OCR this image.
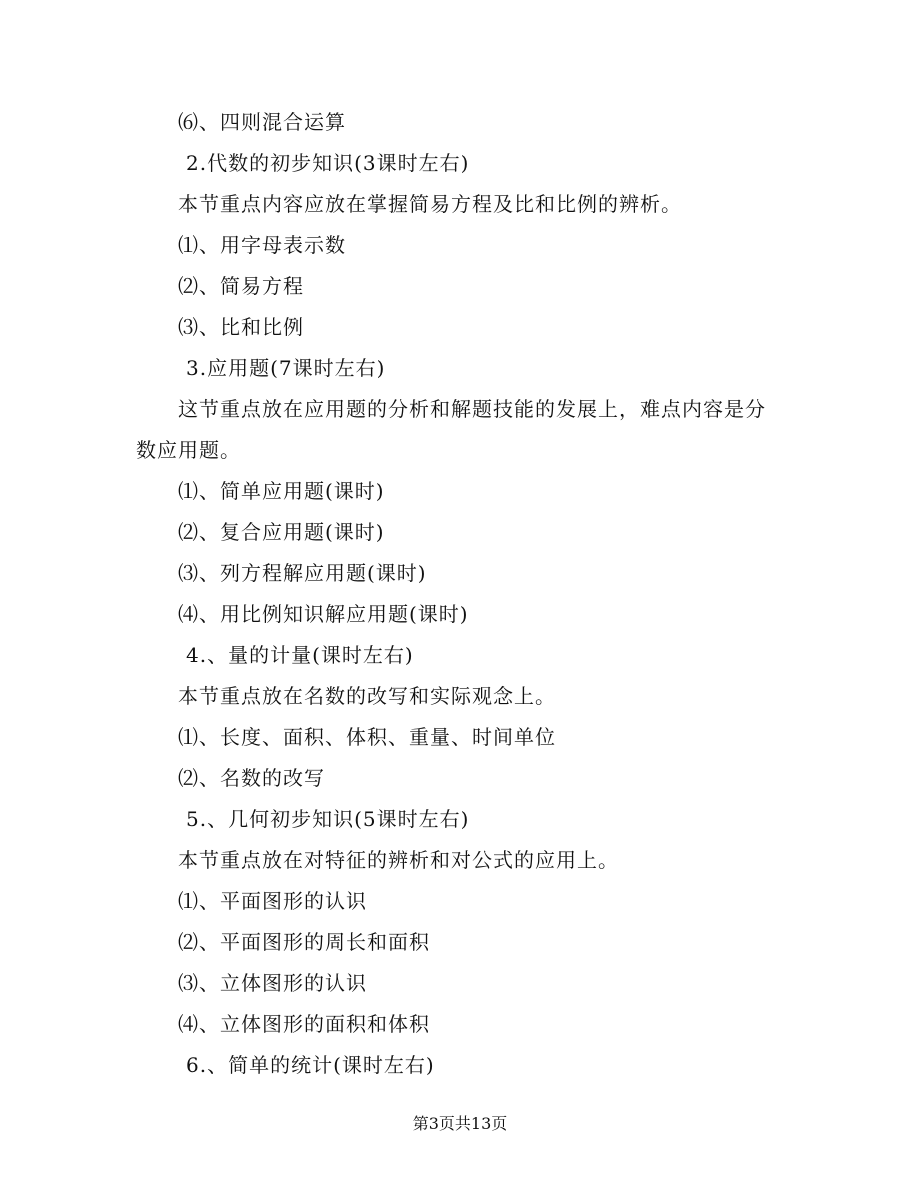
⑹、四则混合运算
2.代数的初步知识(3课时左右)
本节重点内容应放在掌握简易方程及比和比例的辨析。
⑴、用字母表示数
⑵、简易方程
⑶、比和比例
3.应用题(7课时左右)
这节重点放在应用题的分析和解题技能的发展上，难点内容是分
数应用题。
⑴、简单应用题(课时)
⑵、复合应用题(课时)
⑶、列方程解应用题(课时)
⑷、用比例知识解应用题(课时)
4.、量的计量(课时左右)
本节重点放在名数的改写和实际观念上。
⑴、长度、面积、体积、重量、时间单位
⑵、名数的改写
5.、几何初步知识(5课时左右)
本节重点放在对特征的辨析和对公式的应用上。
⑴、平面图形的认识
⑵、平面图形的周长和面积
⑶、立体图形的认识
⑷、立体图形的面积和体积
6.、简单的统计(课时左右)
第3页共13页
